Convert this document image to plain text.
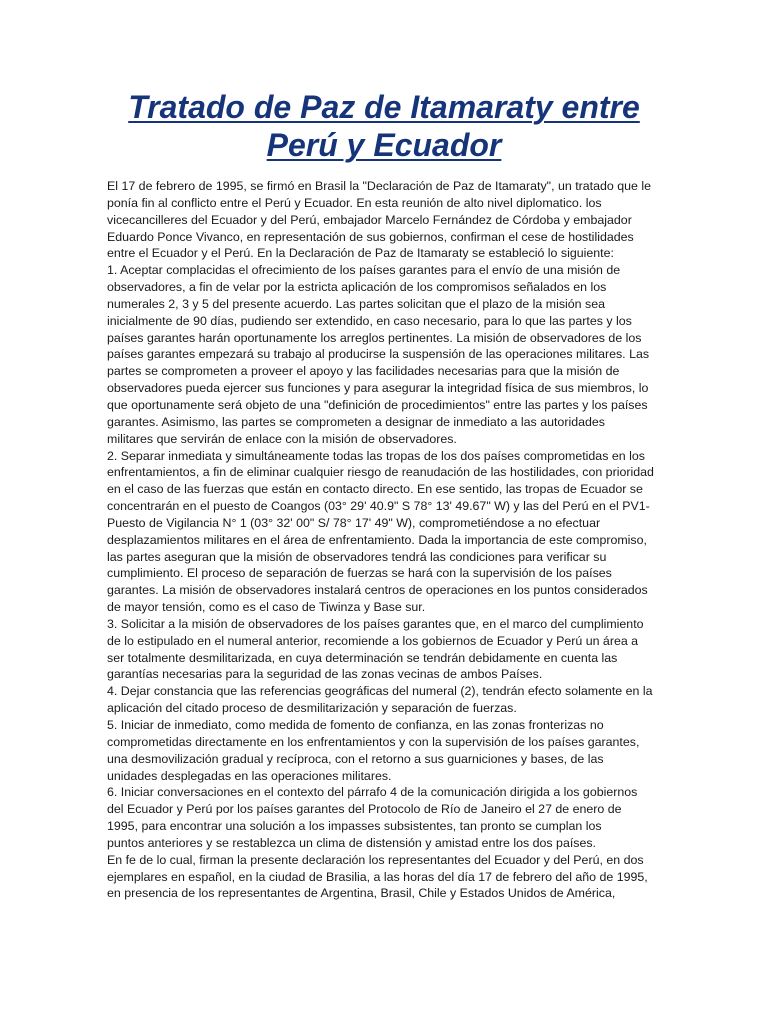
Tratado de Paz de Itamaraty entre
Perú y Ecuador
El 17 de febrero de 1995, se firmó en Brasil la "Declaración de Paz de Itamaraty", un tratado que le
ponía fin al conflicto entre el Perú y Ecuador. En esta reunión de alto nivel diplomatico. los
vicecancilleres del Ecuador y del Perú, embajador Marcelo Fernández de Córdoba y embajador
Eduardo Ponce Vivanco, en representación de sus gobiernos, confirman el cese de hostilidades
entre el Ecuador y el Perú. En la Declaración de Paz de Itamaraty se estableció lo siguiente:
1. Aceptar complacidas el ofrecimiento de los países garantes para el envío de una misión de
observadores, a fin de velar por la estricta aplicación de los compromisos señalados en los
numerales 2, 3 y 5 del presente acuerdo. Las partes solicitan que el plazo de la misión sea
inicialmente de 90 días, pudiendo ser extendido, en caso necesario, para lo que las partes y los
países garantes harán oportunamente los arreglos pertinentes. La misión de observadores de los
países garantes empezará su trabajo al producirse la suspensión de las operaciones militares. Las
partes se comprometen a proveer el apoyo y las facilidades necesarias para que la misión de
observadores pueda ejercer sus funciones y para asegurar la integridad física de sus miembros, lo
que oportunamente será objeto de una "definición de procedimientos" entre las partes y los países
garantes. Asimismo, las partes se comprometen a designar de inmediato a las autoridades
militares que servirán de enlace con la misión de observadores.
2. Separar inmediata y simultáneamente todas las tropas de los dos países comprometidas en los
enfrentamientos, a fin de eliminar cualquier riesgo de reanudación de las hostilidades, con prioridad
en el caso de las fuerzas que están en contacto directo. En ese sentido, las tropas de Ecuador se
concentrarán en el puesto de Coangos (03° 29' 40.9" S 78° 13' 49.67" W) y las del Perú en el PV1-
Puesto de Vigilancia N° 1 (03° 32' 00" S/ 78° 17' 49" W), comprometiéndose a no efectuar
desplazamientos militares en el área de enfrentamiento. Dada la importancia de este compromiso,
las partes aseguran que la misión de observadores tendrá las condiciones para verificar su
cumplimiento. El proceso de separación de fuerzas se hará con la supervisión de los países
garantes. La misión de observadores instalará centros de operaciones en los puntos considerados
de mayor tensión, como es el caso de Tiwinza y Base sur.
3. Solicitar a la misión de observadores de los países garantes que, en el marco del cumplimiento
de lo estipulado en el numeral anterior, recomiende a los gobiernos de Ecuador y Perú un área a
ser totalmente desmilitarizada, en cuya determinación se tendrán debidamente en cuenta las
garantías necesarias para la seguridad de las zonas vecinas de ambos Países.
4. Dejar constancia que las referencias geográficas del numeral (2), tendrán efecto solamente en la
aplicación del citado proceso de desmilitarización y separación de fuerzas.
5. Iniciar de inmediato, como medida de fomento de confianza, en las zonas fronterizas no
comprometidas directamente en los enfrentamientos y con la supervisión de los países garantes,
una desmovilización gradual y recíproca, con el retorno a sus guarniciones y bases, de las
unidades desplegadas en las operaciones militares.
6. Iniciar conversaciones en el contexto del párrafo 4 de la comunicación dirigida a los gobiernos
del Ecuador y Perú por los países garantes del Protocolo de Río de Janeiro el 27 de enero de
1995, para encontrar una solución a los impasses subsistentes, tan pronto se cumplan los
puntos anteriores y se restablezca un clima de distensión y amistad entre los dos países.
En fe de lo cual, firman la presente declaración los representantes del Ecuador y del Perú, en dos
ejemplares en español, en la ciudad de Brasilia, a las horas del día 17 de febrero del año de 1995,
en presencia de los representantes de Argentina, Brasil, Chile y Estados Unidos de América,
